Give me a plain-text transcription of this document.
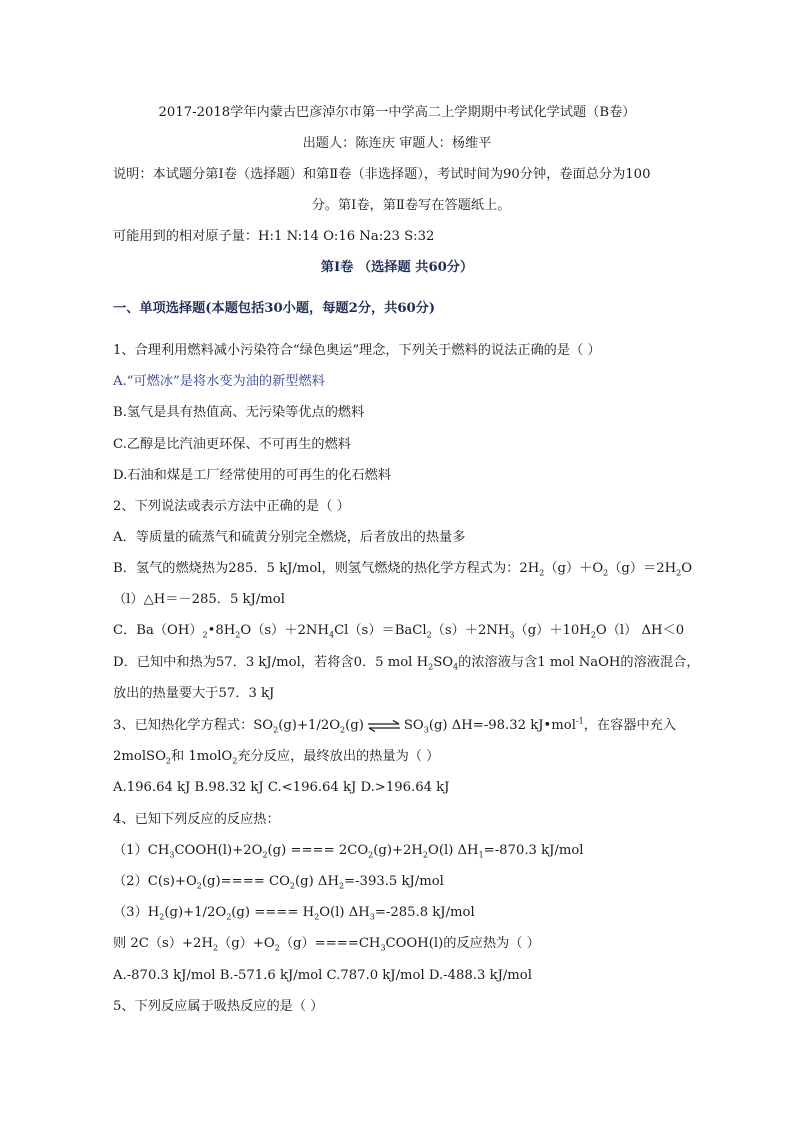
2017-2018学年内蒙古巴彦淖尔市第一中学高二上学期期中考试化学试题（B卷）
出题人：陈连庆 审题人：杨维平
说明：本试题分第Ⅰ卷（选择题）和第Ⅱ卷（非选择题），考试时间为90分钟，卷面总分为100
分。第Ⅰ卷，第Ⅱ卷写在答题纸上。
可能用到的相对原子量：H:1 N:14 O:16 Na:23 S:32
第Ⅰ卷 （选择题 共60分）
一、单项选择题(本题包括30小题，每题2分，共60分)
1、合理利用燃料减小污染符合“绿色奥运”理念，下列关于燃料的说法正确的是（ ）
A.“可燃冰”是将水变为油的新型燃料
B.氢气是具有热值高、无污染等优点的燃料
C.乙醇是比汽油更环保、不可再生的燃料
D.石油和煤是工厂经常使用的可再生的化石燃料
2、下列说法或表示方法中正确的是（ ）
A．等质量的硫蒸气和硫黄分别完全燃烧，后者放出的热量多
B．氢气的燃烧热为285．5 kJ/mol，则氢气燃烧的热化学方程式为：$2H_2(g)+O_2(g)=2H_2O$
（l）△H＝－285．5 kJ/mol
C．$Ba(OH)_2•8H_2O(s)+2NH_4Cl(s)=BaCl_2(s)+2NH_3(g)+10H_2O(l)$ ΔH＜0
D．已知中和热为57．3 kJ/mol，若将含0．5 mol $H_2SO_4$的浓溶液与含1 mol NaOH的溶液混合，
放出的热量要大于57．3 kJ
3、已知热化学方程式：$SO_2(g)+1/2O_2(g)$ ⇌ $SO_3(g)$ ΔH=-98.32 kJ•mol$^{-1}$，在容器中充入
2molSO$_2$和 1molO$_2$充分反应，最终放出的热量为（ ）
A.196.64 kJ B.98.32 kJ C.<196.64 kJ D.>196.64 kJ
4、已知下列反应的反应热：
$(1)CH_3COOH(l)+2O_2(g)$ ==== $2CO_2(g)+2H_2O(l)$ $\Delta H_1=-870.3$ kJ/mol
$(2)C(s)+O_2(g)==== CO_2(g)$ $\Delta H_2=-393.5$ kJ/mol
$(3)H_2(g)+1/2O_2(g)$ ==== $H_2O(l)$ $\Delta H_3=-285.8$ kJ/mol
则 $2C(s)+2H_2(g)+O_2(g)====CH_3COOH(l)$的反应热为（ ）
A.-870.3 kJ/mol B.-571.6 kJ/mol C.787.0 kJ/mol D.-488.3 kJ/mol
5、下列反应属于吸热反应的是（ ）
